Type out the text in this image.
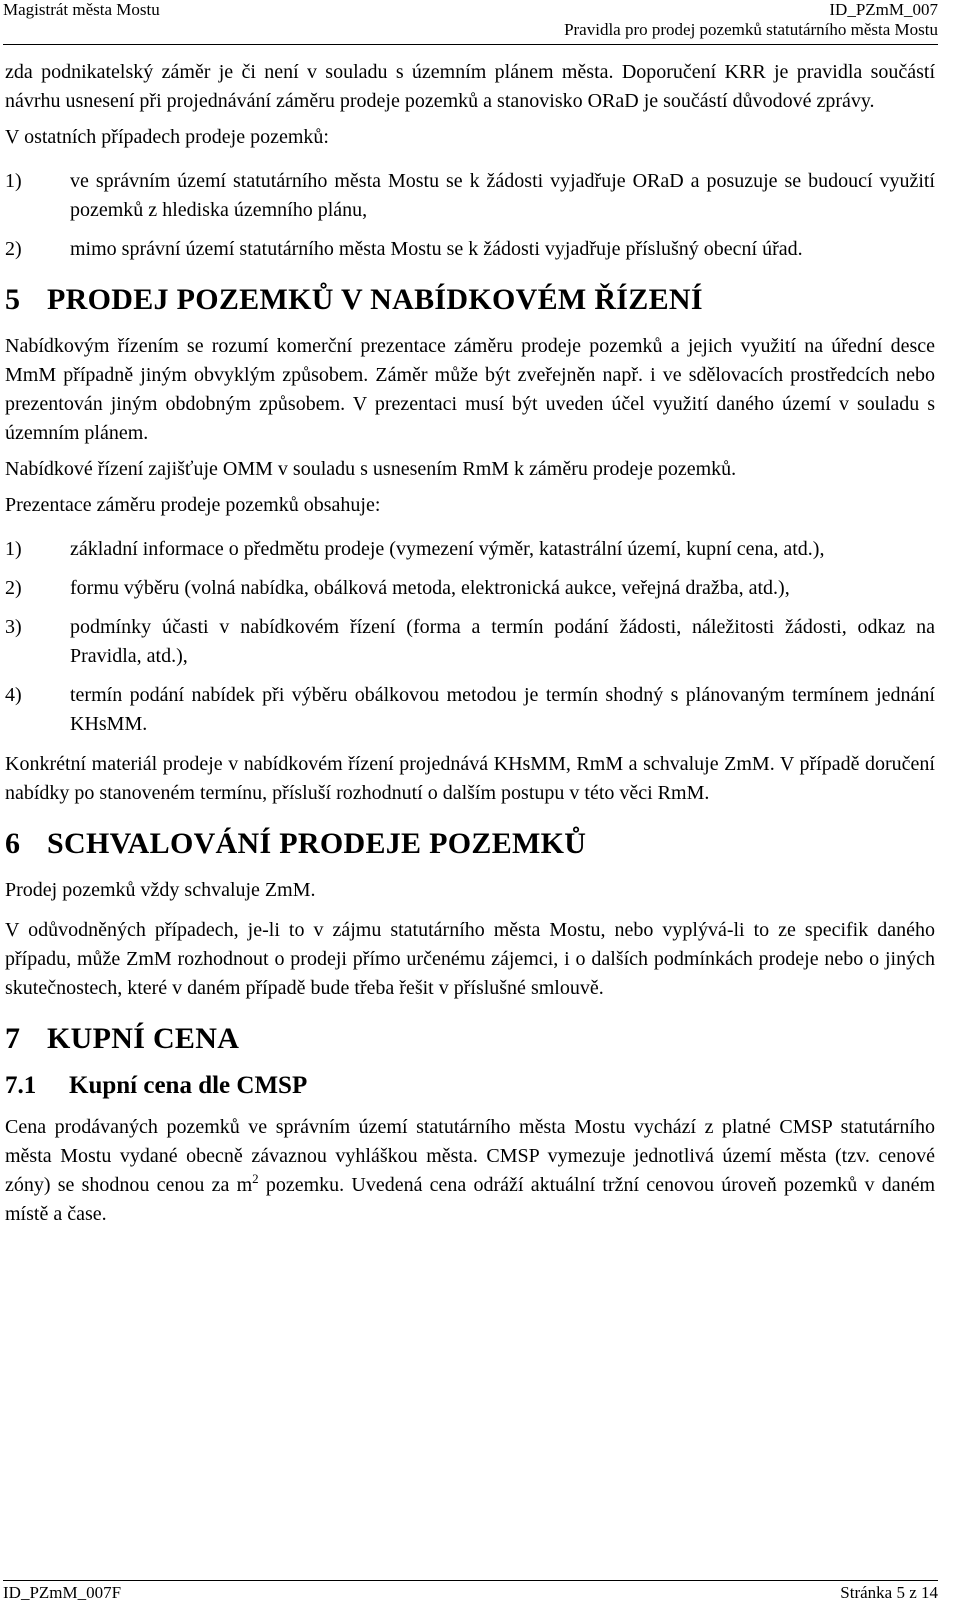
Magistrát města Mostu	ID_PZmM_007
Pravidla pro prodej pozemků statutárního města Mostu

zda podnikatelský záměr je či není v souladu s územním plánem města. Doporučení KRR je pravidla součástí návrhu usnesení při projednávání záměru prodeje pozemků a stanovisko ORaD je součástí důvodové zprávy.

V ostatních případech prodeje pozemků:

1) ve správním území statutárního města Mostu se k žádosti vyjadřuje ORaD a posuzuje se budoucí využití pozemků z hlediska územního plánu,
2) mimo správní území statutárního města Mostu se k žádosti vyjadřuje příslušný obecní úřad.
5 PRODEJ POZEMKŮ V NABÍDKOVÉM ŘÍZENÍ

Nabídkovým řízením se rozumí komerční prezentace záměru prodeje pozemků a jejich využití na úřední desce MmM případně jiným obvyklým způsobem. Záměr může být zveřejněn např. i ve sdělovacích prostředcích nebo prezentován jiným obdobným způsobem. V prezentaci musí být uveden účel využití daného území v souladu s územním plánem.

Nabídkové řízení zajišťuje OMM v souladu s usnesením RmM k záměru prodeje pozemků.

Prezentace záměru prodeje pozemků obsahuje:

1) základní informace o předmětu prodeje (vymezení výměr, katastrální území, kupní cena, atd.),
2) formu výběru (volná nabídka, obálková metoda, elektronická aukce, veřejná dražba, atd.),
3) podmínky účasti v nabídkovém řízení (forma a termín podání žádosti, náležitosti žádosti, odkaz na Pravidla, atd.),
4) termín podání nabídek při výběru obálkovou metodou je termín shodný s plánovaným termínem jednání KHsMM.

Konkrétní materiál prodeje v nabídkovém řízení projednává KHsMM, RmM a schvaluje ZmM. V případě doručení nabídky po stanoveném termínu, přísluší rozhodnutí o dalším postupu v této věci RmM.

6 SCHVALOVÁNÍ PRODEJE POZEMKŮ

Prodej pozemků vždy schvaluje ZmM.

V odůvodněných případech, je-li to v zájmu statutárního města Mostu, nebo vyplývá-li to ze specifik daného případu, může ZmM rozhodnout o prodeji přímo určenému zájemci, i o dalších podmínkách prodeje nebo o jiných skutečnostech, které v daném případě bude třeba řešit v příslušné smlouvě.

7 KUPNÍ CENA
7.1 Kupní cena dle CMSP

Cena prodávaných pozemků ve správním území statutárního města Mostu vychází z platné CMSP statutárního města Mostu vydané obecně závaznou vyhláškou města. CMSP vymezuje jednotlivá území města (tzv. cenové zóny) se shodnou cenou za $m^2$ pozemku. Uvedená cena odráží aktuální tržní cenovou úroveň pozemků v daném místě a čase.

ID_PZmM_007F	Stránka 5 z 14
